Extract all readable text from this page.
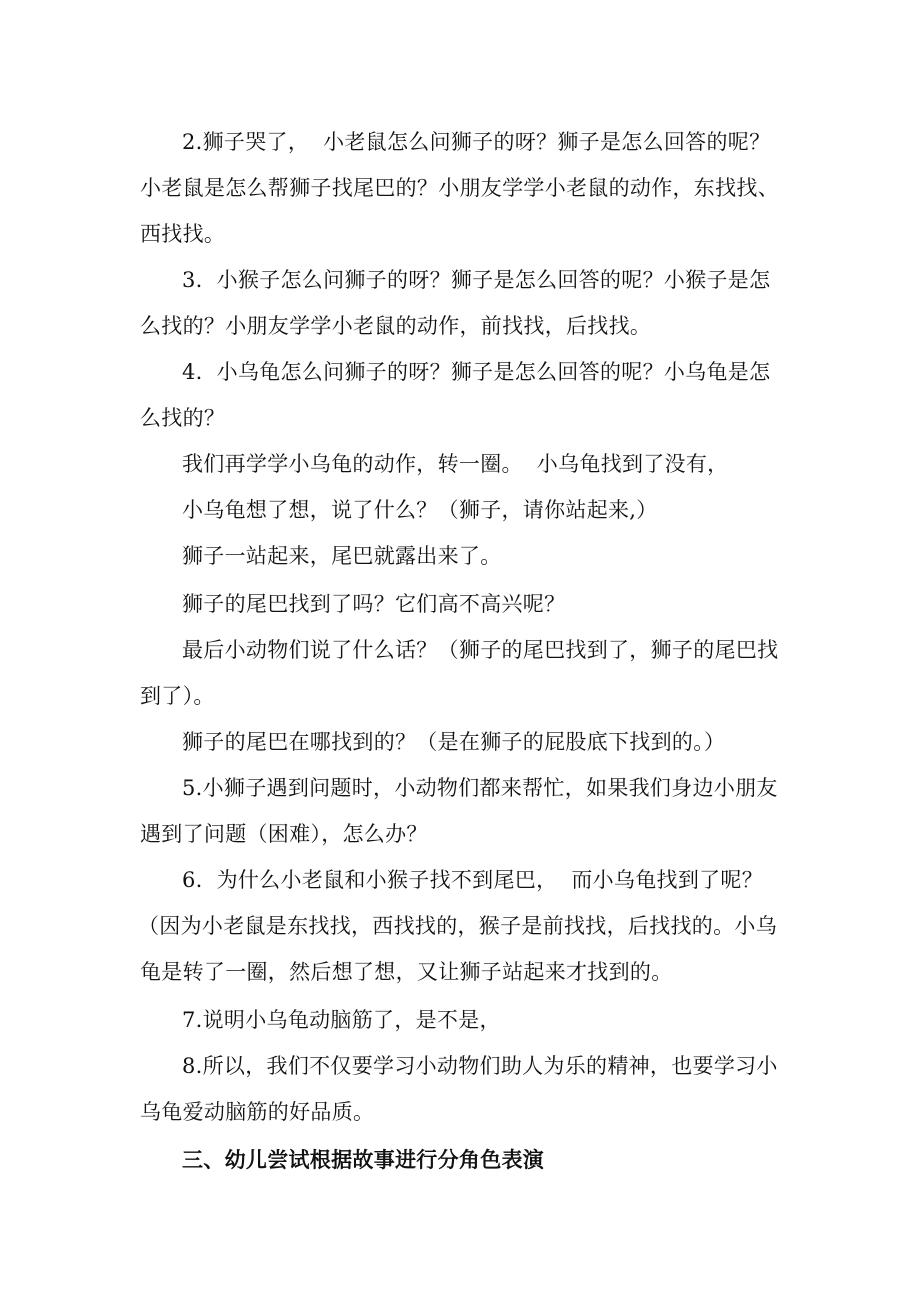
2.狮子哭了，  小老鼠怎么问狮子的呀？狮子是怎么回答的呢？
小老鼠是怎么帮狮子找尾巴的？小朋友学学小老鼠的动作，东找找、
西找找。
3.  小猴子怎么问狮子的呀？狮子是怎么回答的呢？小猴子是怎
么找的？小朋友学学小老鼠的动作，前找找，后找找。
4.  小乌龟怎么问狮子的呀？狮子是怎么回答的呢？小乌龟是怎
么找的？
我们再学学小乌龟的动作，转一圈。  小乌龟找到了没有，
小乌龟想了想，说了什么？（狮子，请你站起来,）
狮子一站起来，尾巴就露出来了。
狮子的尾巴找到了吗？它们高不高兴呢？
最后小动物们说了什么话？（狮子的尾巴找到了，狮子的尾巴找
到了）。
狮子的尾巴在哪找到的？（是在狮子的屁股底下找到的。）
5.小狮子遇到问题时，小动物们都来帮忙，如果我们身边小朋友
遇到了问题（困难），怎么办？
6.  为什么小老鼠和小猴子找不到尾巴，  而小乌龟找到了呢？
（因为小老鼠是东找找，西找找的，猴子是前找找，后找找的。小乌
龟是转了一圈，然后想了想，又让狮子站起来才找到的。
7.说明小乌龟动脑筋了，是不是，
8.所以，我们不仅要学习小动物们助人为乐的精神，也要学习小
乌龟爱动脑筋的好品质。
三、幼儿尝试根据故事进行分角色表演
